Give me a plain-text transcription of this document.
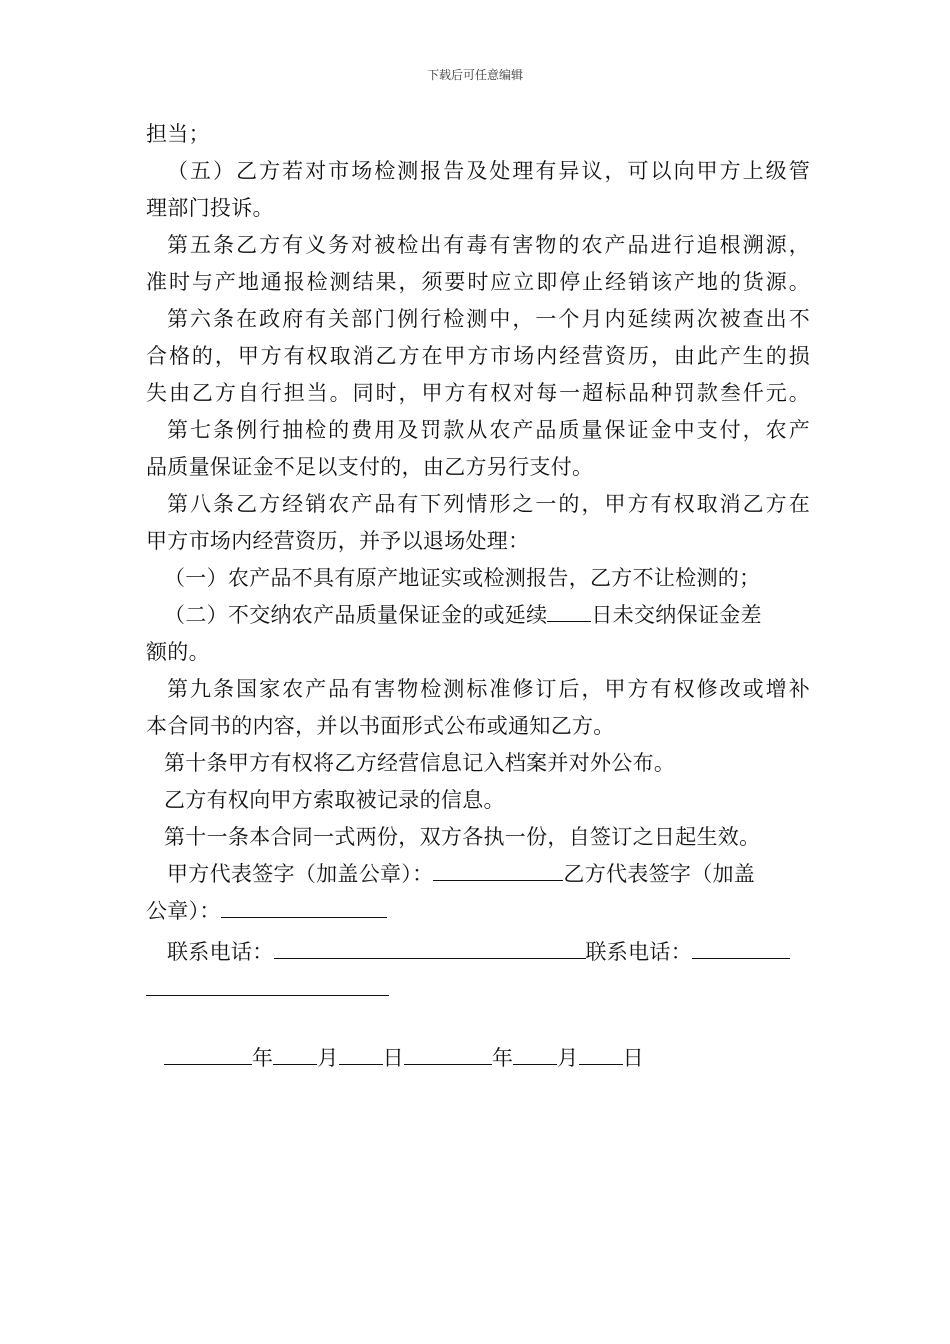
下载后可任意编辑
担当；
（五）乙方若对市场检测报告及处理有异议，可以向甲方上级管
理部门投诉。
第五条乙方有义务对被检出有毒有害物的农产品进行追根溯源，
准时与产地通报检测结果，须要时应立即停止经销该产地的货源。
第六条在政府有关部门例行检测中，一个月内延续两次被查出不
合格的，甲方有权取消乙方在甲方市场内经营资历，由此产生的损
失由乙方自行担当。同时，甲方有权对每一超标品种罚款叁仟元。
第七条例行抽检的费用及罚款从农产品质量保证金中支付，农产
品质量保证金不足以支付的，由乙方另行支付。
第八条乙方经销农产品有下列情形之一的，甲方有权取消乙方在
甲方市场内经营资历，并予以退场处理：
（一）农产品不具有原产地证实或检测报告，乙方不让检测的；
（二）不交纳农产品质量保证金的或延续 日未交纳保证金差
额的。
第九条国家农产品有害物检测标准修订后，甲方有权修改或增补
本合同书的内容，并以书面形式公布或通知乙方。
第十条甲方有权将乙方经营信息记入档案并对外公布。
乙方有权向甲方索取被记录的信息。
第十一条本合同一式两份，双方各执一份，自签订之日起生效。
甲方代表签字（加盖公章）：	乙方代表签字（加盖
公章）：
联系电话：	联系电话：
年 月 日	年 月 日
